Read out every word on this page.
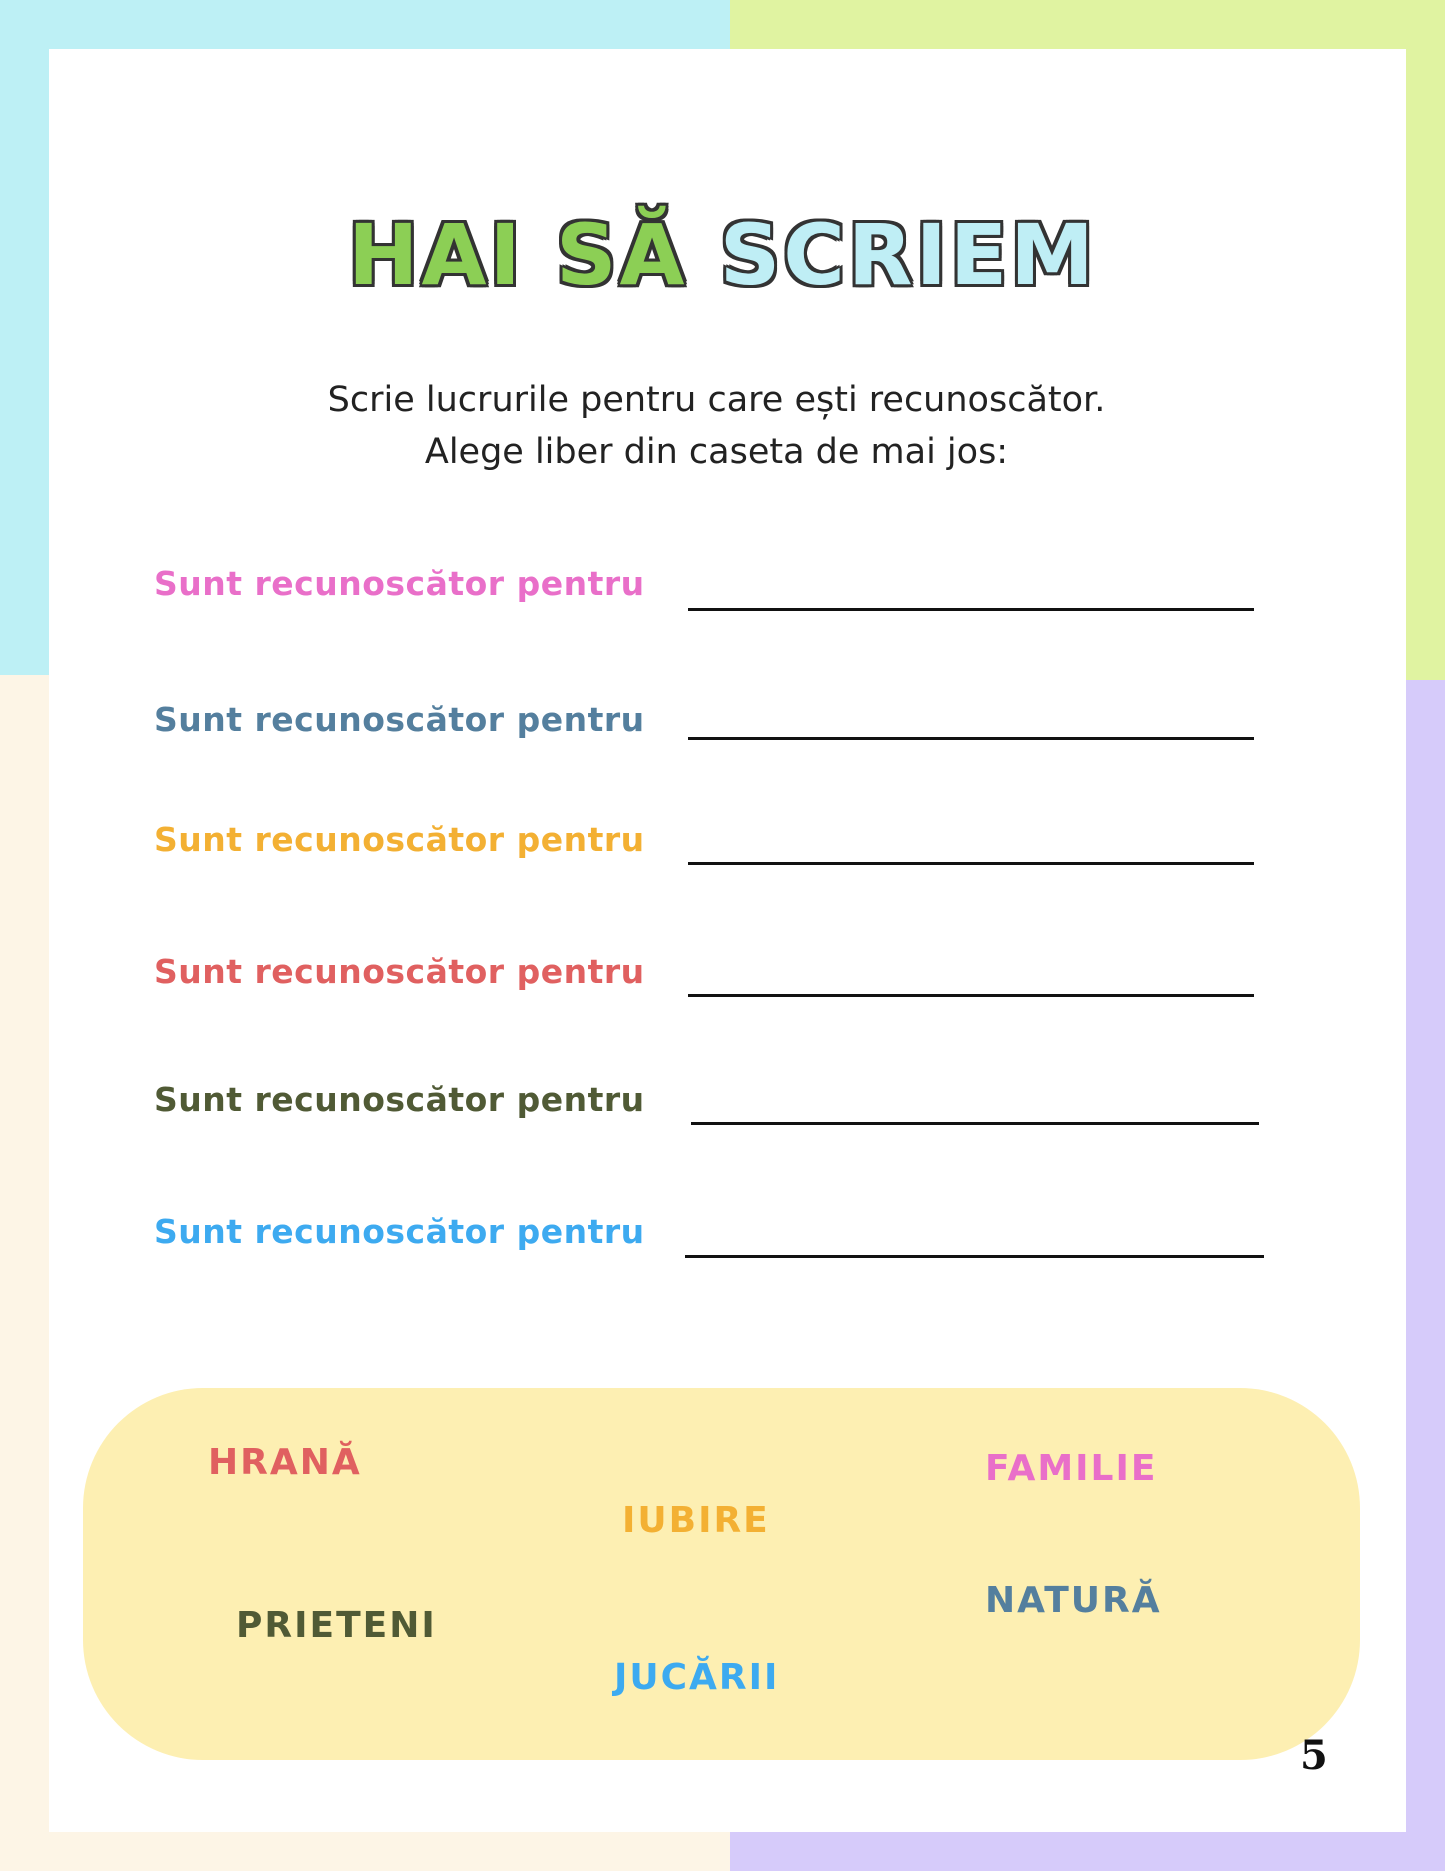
HAI SĂ SCRIEM
Scrie lucrurile pentru care ești recunoscător.
Alege liber din caseta de mai jos:
Sunt recunoscător pentru
Sunt recunoscător pentru
Sunt recunoscător pentru
Sunt recunoscător pentru
Sunt recunoscător pentru
Sunt recunoscător pentru
HRANĂ	FAMILIE
IUBIRE
NATURĂ
PRIETENI
JUCĂRII
5
